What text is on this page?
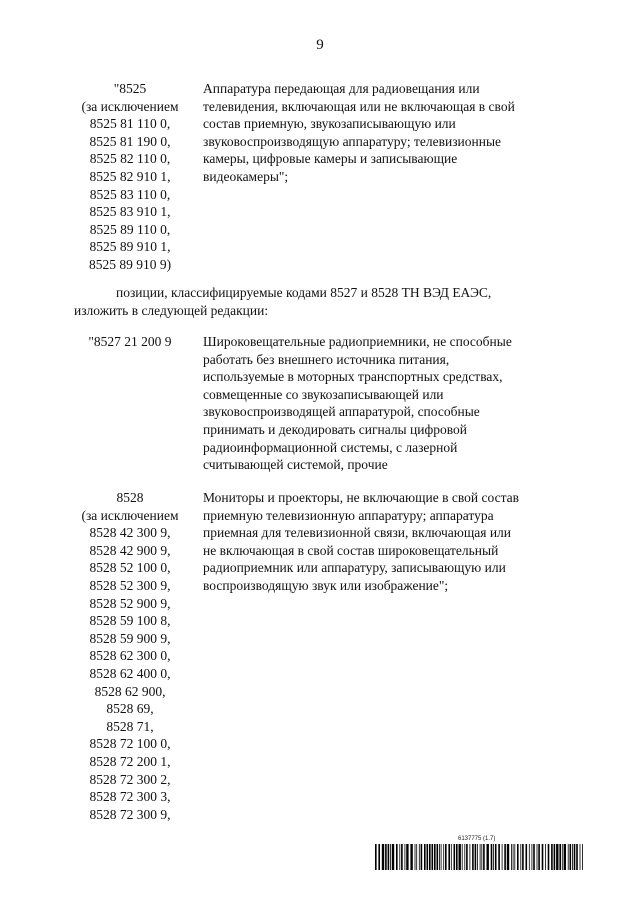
9
"8525
(за исключением
8525 81 110 0,
8525 81 190 0,
8525 82 110 0,
8525 82 910 1,
8525 83 110 0,
8525 83 910 1,
8525 89 110 0,
8525 89 910 1,
8525 89 910 9)
Аппаратура передающая для радиовещания или
телевидения, включающая или не включающая в свой
состав приемную, звукозаписывающую или
звуковоспроизводящую аппаратуру; телевизионные
камеры, цифровые камеры и записывающие
видеокамеры";
позиции, классифицируемые кодами 8527 и 8528 ТН ВЭД ЕАЭС,
изложить в следующей редакции:
"8527 21 200 9	Широковещательные радиоприемники, не способные
работать без внешнего источника питания,
используемые в моторных транспортных средствах,
совмещенные со звукозаписывающей или
звуковоспроизводящей аппаратурой, способные
принимать и декодировать сигналы цифровой
радиоинформационной системы, с лазерной
считывающей системой, прочие
8528
(за исключением
8528 42 300 9,
8528 42 900 9,
8528 52 100 0,
8528 52 300 9,
8528 52 900 9,
8528 59 100 8,
8528 59 900 9,
8528 62 300 0,
8528 62 400 0,
8528 62 900,
8528 69,
8528 71,
8528 72 100 0,
8528 72 200 1,
8528 72 300 2,
8528 72 300 3,
8528 72 300 9,
Мониторы и проекторы, не включающие в свой состав
приемную телевизионную аппаратуру; аппаратура
приемная для телевизионной связи, включающая или
не включающая в свой состав широковещательный
радиоприемник или аппаратуру, записывающую или
воспроизводящую звук или изображение";
6137775 (1.7)
